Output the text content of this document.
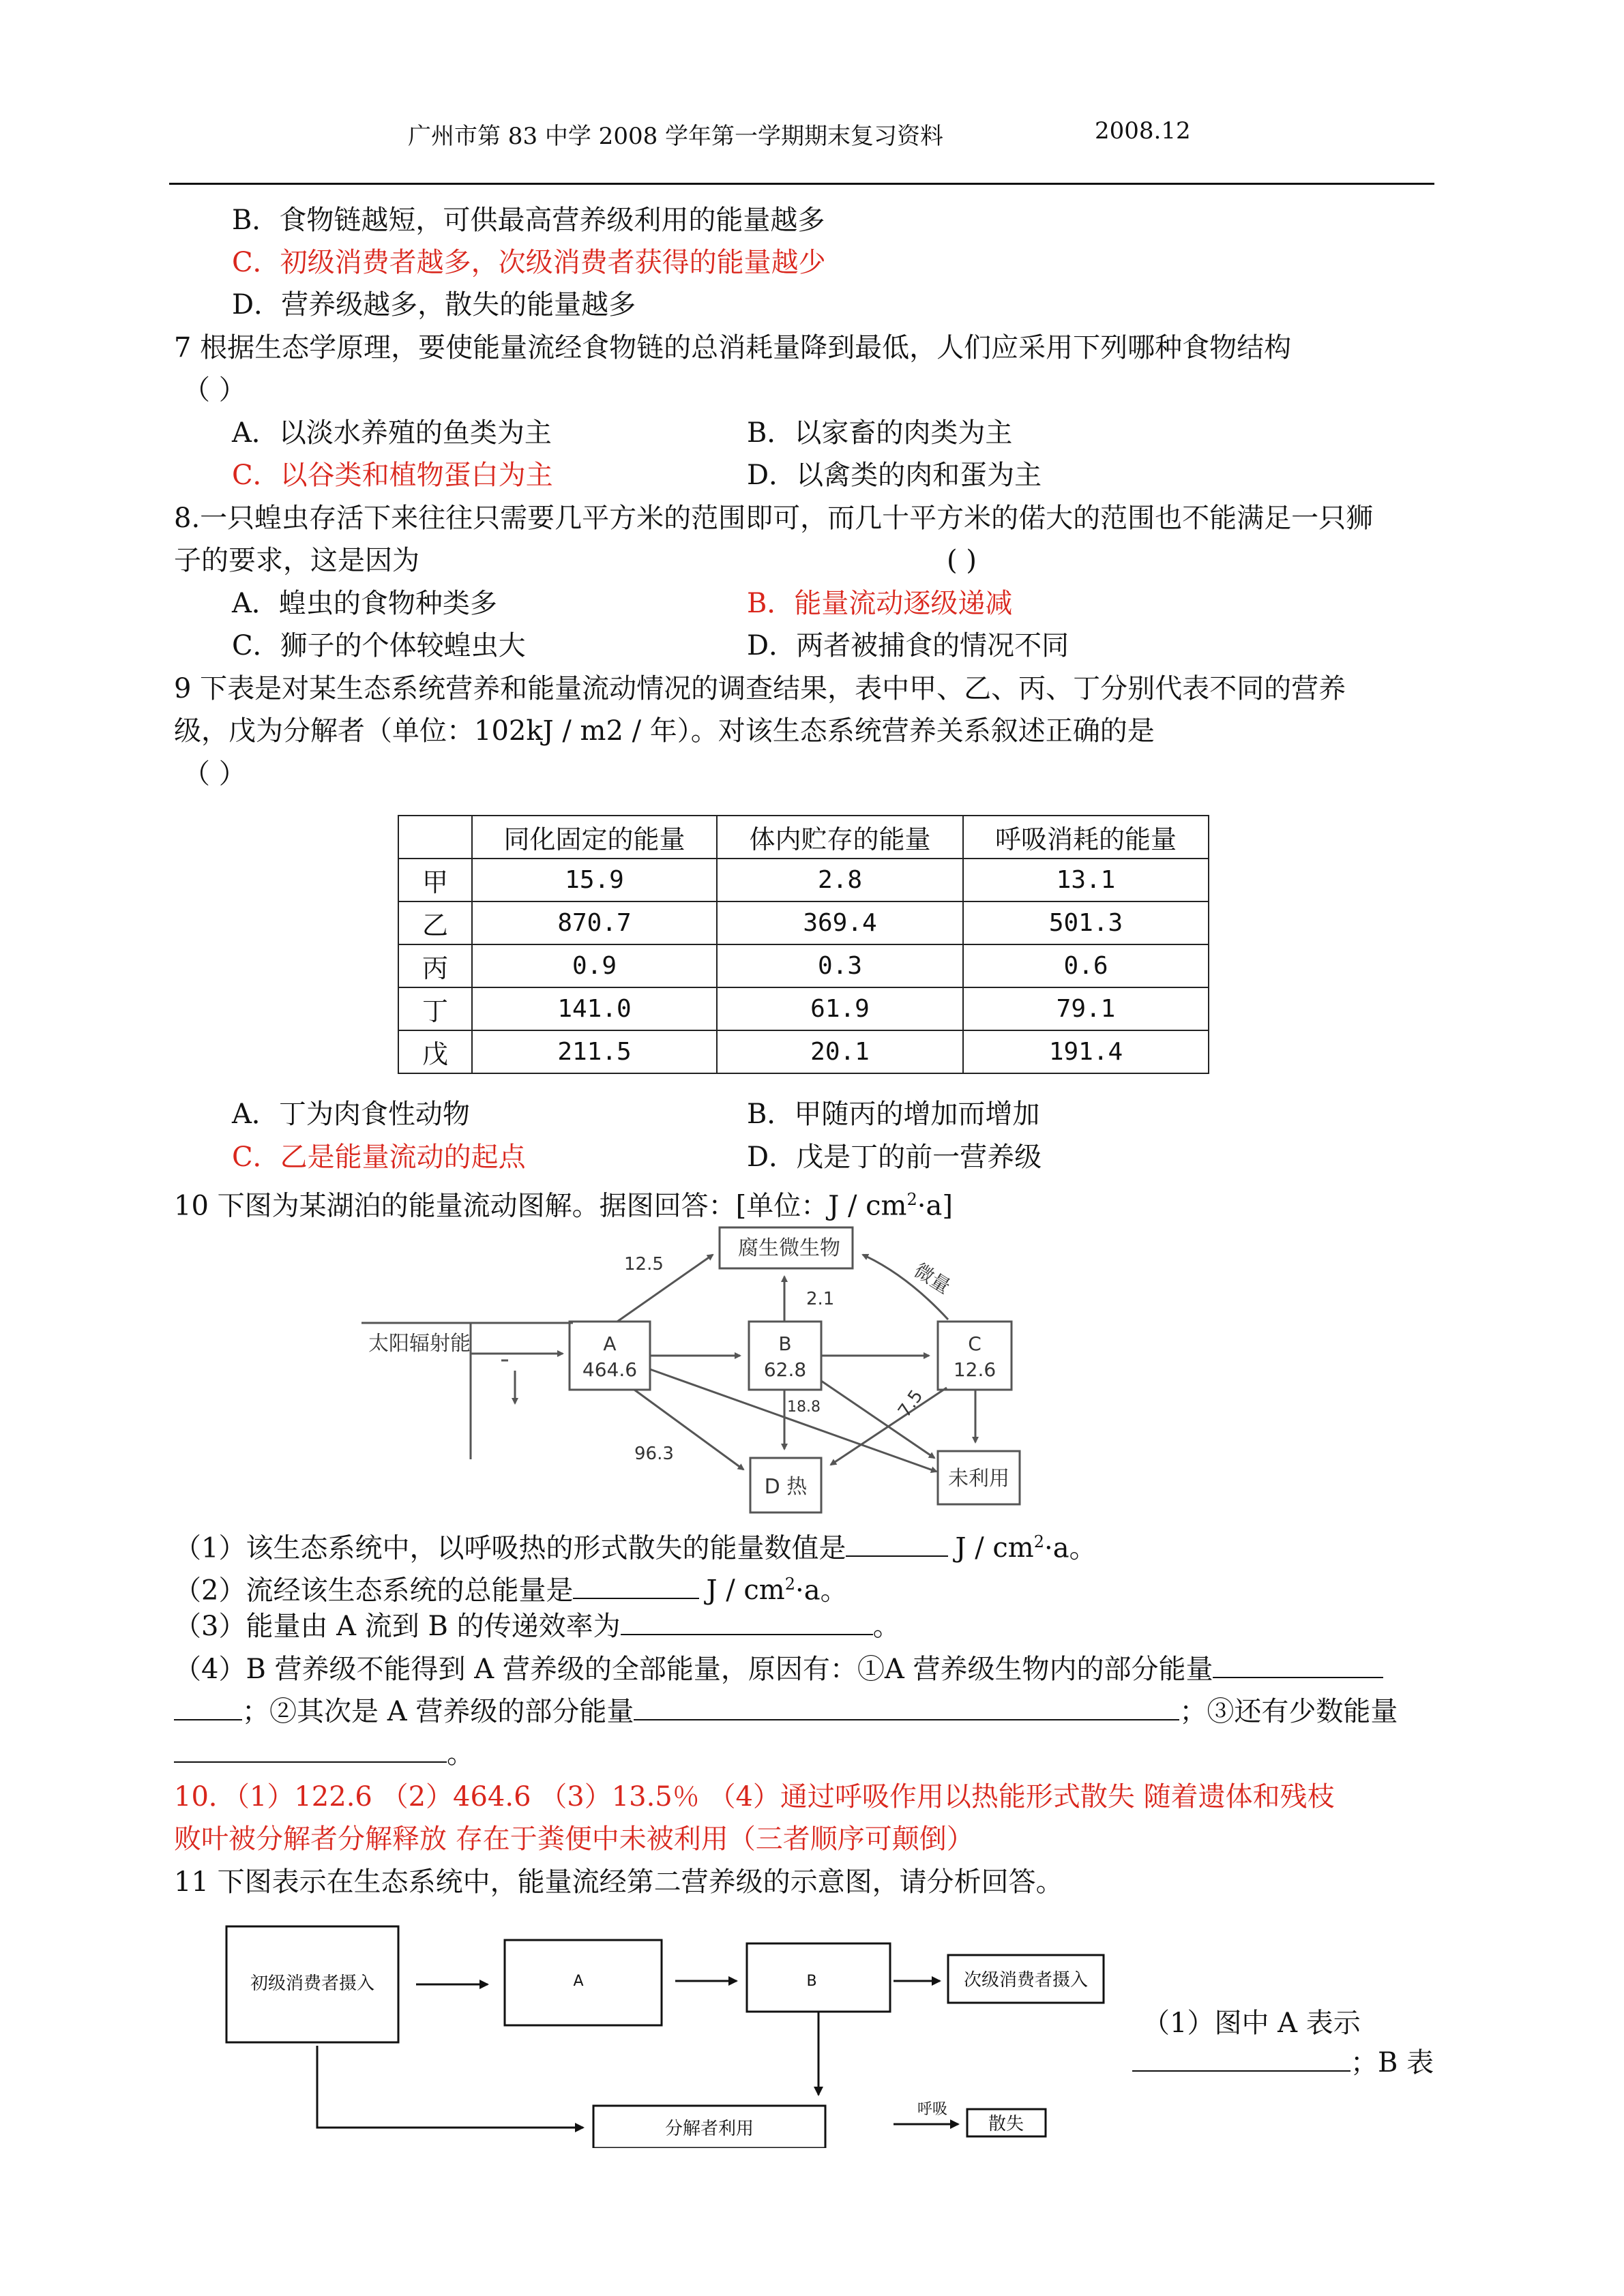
广州市第 83 中学 2008 学年第一学期期末复习资料	2008.12
B．食物链越短，可供最高营养级利用的能量越多
C．初级消费者越多，次级消费者获得的能量越少
D．营养级越多，散失的能量越多
7 根据生态学原理，要使能量流经食物链的总消耗量降到最低，人们应采用下列哪种食物结构
（ ）
A．以淡水养殖的鱼类为主	B．以家畜的肉类为主
C．以谷类和植物蛋白为主	D．以禽类的肉和蛋为主
8.一只蝗虫存活下来往往只需要几平方米的范围即可，而几十平方米的偌大的范围也不能满足一只狮
子的要求，这是因为	( )
A．蝗虫的食物种类多	B．能量流动逐级递减
C．狮子的个体较蝗虫大	D．两者被捕食的情况不同
9 下表是对某生态系统营养和能量流动情况的调查结果，表中甲、乙、丙、丁分别代表不同的营养
级，戊为分解者（单位：102kJ / m2 / 年）。对该生态系统营养关系叙述正确的是
（ ）
	同化固定的能量	体内贮存的能量	呼吸消耗的能量
甲	15.9	2.8	13.1
乙	870.7	369.4	501.3
丙	0.9	0.3	0.6
丁	141.0	61.9	79.1
戊	211.5	20.1	191.4
A．丁为肉食性动物	B．甲随丙的增加而增加
C．乙是能量流动的起点	D．戊是丁的前一营养级
10 下图为某湖泊的能量流动图解。据图回答：[单位：$J / cm^2\cdot a$]
太阳辐射能
腐生微生物
A
464.6
B
62.8
C
12.6
D 热	未利用
12.5
2.1
微量
7.5
18.8
96.3
（1）该生态系统中，以呼吸热的形式散失的能量数值是	$J / cm^2\cdot a$。
（2）流经该生态系统的总能量是	$J / cm^2\cdot a$。
（3）能量由 A 流到 B 的传递效率为	。
（4）B 营养级不能得到 A 营养级的全部能量，原因有：①A 营养级生物内的部分能量
；②其次是 A 营养级的部分能量	；③还有少数能量
。
10．（1）122.6 （2）464.6 （3）13.5％ （4）通过呼吸作用以热能形式散失 随着遗体和残枝
败叶被分解者分解释放 存在于粪便中未被利用（三者顺序可颠倒）
11 下图表示在生态系统中，能量流经第二营养级的示意图，请分析回答。
初级消费者摄入	A	B	次级消费者摄入
分解者利用
呼吸
散失
（1）图中 A 表示
；B 表
